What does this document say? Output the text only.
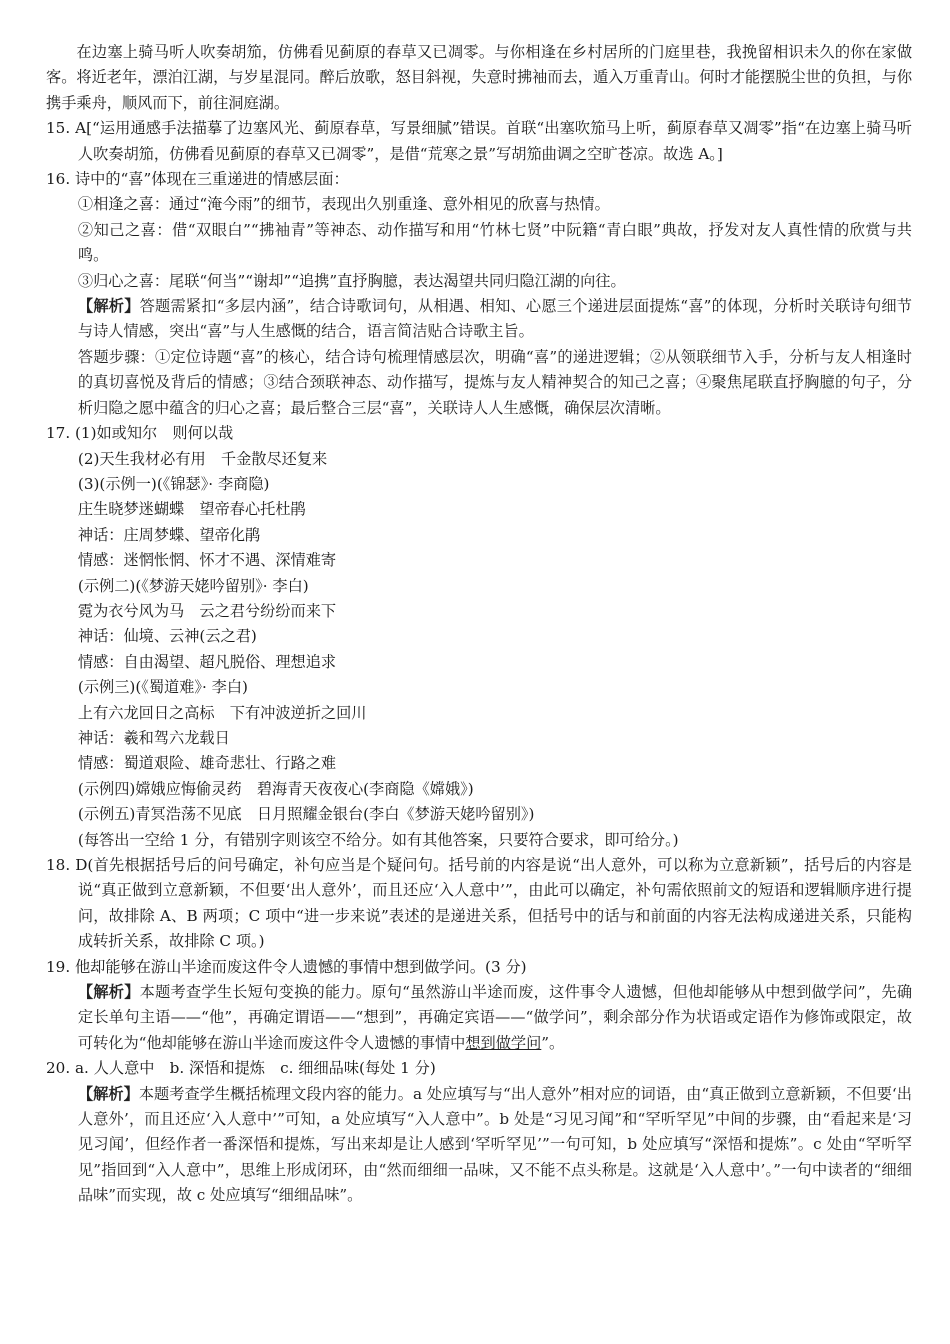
在边塞上骑马听人吹奏胡笳，仿佛看见蓟原的春草又已凋零。与你相逢在乡村居所的门庭里巷，我挽留相识未久的你在家做客。将近老年，漂泊江湖，与岁星混同。醉后放歌，怒目斜视，失意时拂袖而去，遁入万重青山。何时才能摆脱尘世的负担，与你携手乘舟，顺风而下，前往洞庭湖。

15. A[“运用通感手法描摹了边塞风光、蓟原春草，写景细腻”错误。首联“出塞吹笳马上听，蓟原春草又凋零”指“在边塞上骑马听人吹奏胡笳，仿佛看见蓟原的春草又已凋零”，是借“荒寒之景”写胡笳曲调之空旷苍凉。故选 A。]

16. 诗中的“喜”体现在三重递进的情感层面：

①相逢之喜：通过“淹今雨”的细节，表现出久别重逢、意外相见的欣喜与热情。

②知己之喜：借“双眼白”“拂袖青”等神态、动作描写和用“竹林七贤”中阮籍“青白眼”典故，抒发对友人真性情的欣赏与共鸣。

③归心之喜：尾联“何当”“谢却”“追携”直抒胸臆，表达渴望共同归隐江湖的向往。

【解析】答题需紧扣“多层内涵”，结合诗歌词句，从相遇、相知、心愿三个递进层面提炼“喜”的体现，分析时关联诗句细节与诗人情感，突出“喜”与人生感慨的结合，语言简洁贴合诗歌主旨。

答题步骤：①定位诗题“喜”的核心，结合诗句梳理情感层次，明确“喜”的递进逻辑；②从领联细节入手，分析与友人相逢时的真切喜悦及背后的情感；③结合颈联神态、动作描写，提炼与友人精神契合的知己之喜；④聚焦尾联直抒胸臆的句子，分析归隐之愿中蕴含的归心之喜；最后整合三层“喜”，关联诗人人生感慨，确保层次清晰。

17. (1)如或知尔　则何以哉

(2)天生我材必有用　千金散尽还复来

(3)(示例一)(《锦瑟》· 李商隐)

庄生晓梦迷蝴蝶　望帝春心托杜鹃

神话：庄周梦蝶、望帝化鹃

情感：迷惘怅惘、怀才不遇、深情难寄

(示例二)(《梦游天姥吟留别》· 李白)

霓为衣兮风为马　云之君兮纷纷而来下

神话：仙境、云神(云之君)

情感：自由渴望、超凡脱俗、理想追求

(示例三)(《蜀道难》· 李白)

上有六龙回日之高标　下有冲波逆折之回川

神话：羲和驾六龙载日

情感：蜀道艰险、雄奇悲壮、行路之难

(示例四)嫦娥应悔偷灵药　碧海青天夜夜心(李商隐《嫦娥》)

(示例五)青冥浩荡不见底　日月照耀金银台(李白《梦游天姥吟留别》)

(每答出一空给 1 分，有错别字则该空不给分。如有其他答案，只要符合要求，即可给分。)

18. D(首先根据括号后的问号确定，补句应当是个疑问句。括号前的内容是说“出人意外，可以称为立意新颖”，括号后的内容是说“真正做到立意新颖，不但要‘出人意外’，而且还应‘入人意中’”，由此可以确定，补句需依照前文的短语和逻辑顺序进行提问，故排除 A、B 两项；C 项中“进一步来说”表述的是递进关系，但括号中的话与和前面的内容无法构成递进关系，只能构成转折关系，故排除 C 项。)

19. 他却能够在游山半途而废这件令人遗憾的事情中想到做学问。(3 分)

【解析】本题考查学生长短句变换的能力。原句“虽然游山半途而废，这件事令人遗憾，但他却能够从中想到做学问”，先确定长单句主语——“他”，再确定谓语——“想到”，再确定宾语——“做学问”，剩余部分作为状语或定语作为修饰或限定，故可转化为“他却能够在游山半途而废这件令人遗憾的事情中想到做学问”。

20. a. 人人意中　b. 深悟和提炼　c. 细细品味(每处 1 分)

【解析】本题考查学生概括梳理文段内容的能力。a 处应填写与“出人意外”相对应的词语，由“真正做到立意新颖，不但要‘出人意外’，而且还应‘入人意中’”可知，a 处应填写“入人意中”。b 处是“习见习闻”和“罕听罕见”中间的步骤，由“看起来是‘习见习闻’，但经作者一番深悟和提炼，写出来却是让人感到‘罕听罕见’”一句可知，b 处应填写“深悟和提炼”。c 处由“罕听罕见”指回到“入人意中”，思维上形成闭环，由“然而细细一品味，又不能不点头称是。这就是‘入人意中’。”一句中读者的“细细品味”而实现，故 c 处应填写“细细品味”。
